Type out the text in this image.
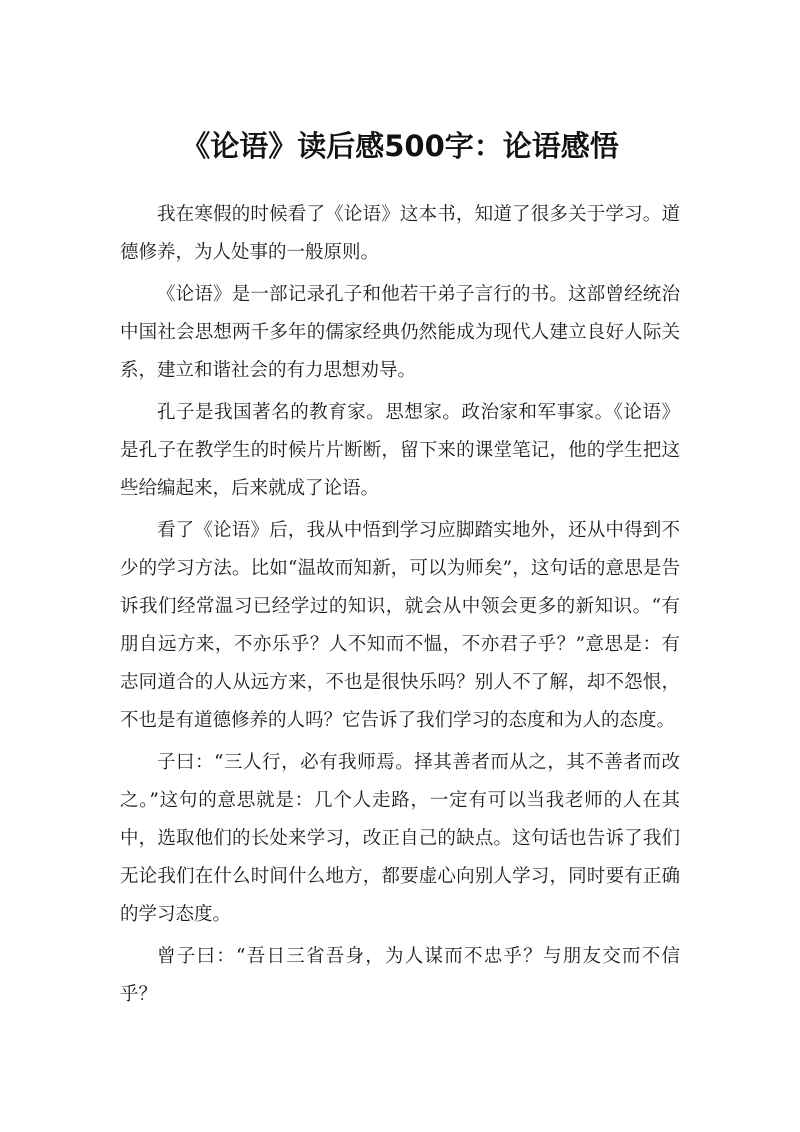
《论语》读后感500字：论语感悟

我在寒假的时候看了《论语》这本书，知道了很多关于学习。道德修养，为人处事的一般原则。

《论语》是一部记录孔子和他若干弟子言行的书。这部曾经统治中国社会思想两千多年的儒家经典仍然能成为现代人建立良好人际关系，建立和谐社会的有力思想劝导。

孔子是我国著名的教育家。思想家。政治家和军事家。《论语》是孔子在教学生的时候片片断断，留下来的课堂笔记，他的学生把这些给编起来，后来就成了论语。

看了《论语》后，我从中悟到学习应脚踏实地外，还从中得到不少的学习方法。比如“温故而知新，可以为师矣”，这句话的意思是告诉我们经常温习已经学过的知识，就会从中领会更多的新知识。“有朋自远方来，不亦乐乎？人不知而不愠，不亦君子乎？”意思是：有志同道合的人从远方来，不也是很快乐吗？别人不了解，却不怨恨，不也是有道德修养的人吗？它告诉了我们学习的态度和为人的态度。

子曰：“三人行，必有我师焉。择其善者而从之，其不善者而改之。”这句的意思就是：几个人走路，一定有可以当我老师的人在其中，选取他们的长处来学习，改正自己的缺点。这句话也告诉了我们无论我们在什么时间什么地方，都要虚心向别人学习，同时要有正确的学习态度。

曾子曰：“吾日三省吾身，为人谋而不忠乎？与朋友交而不信乎？
